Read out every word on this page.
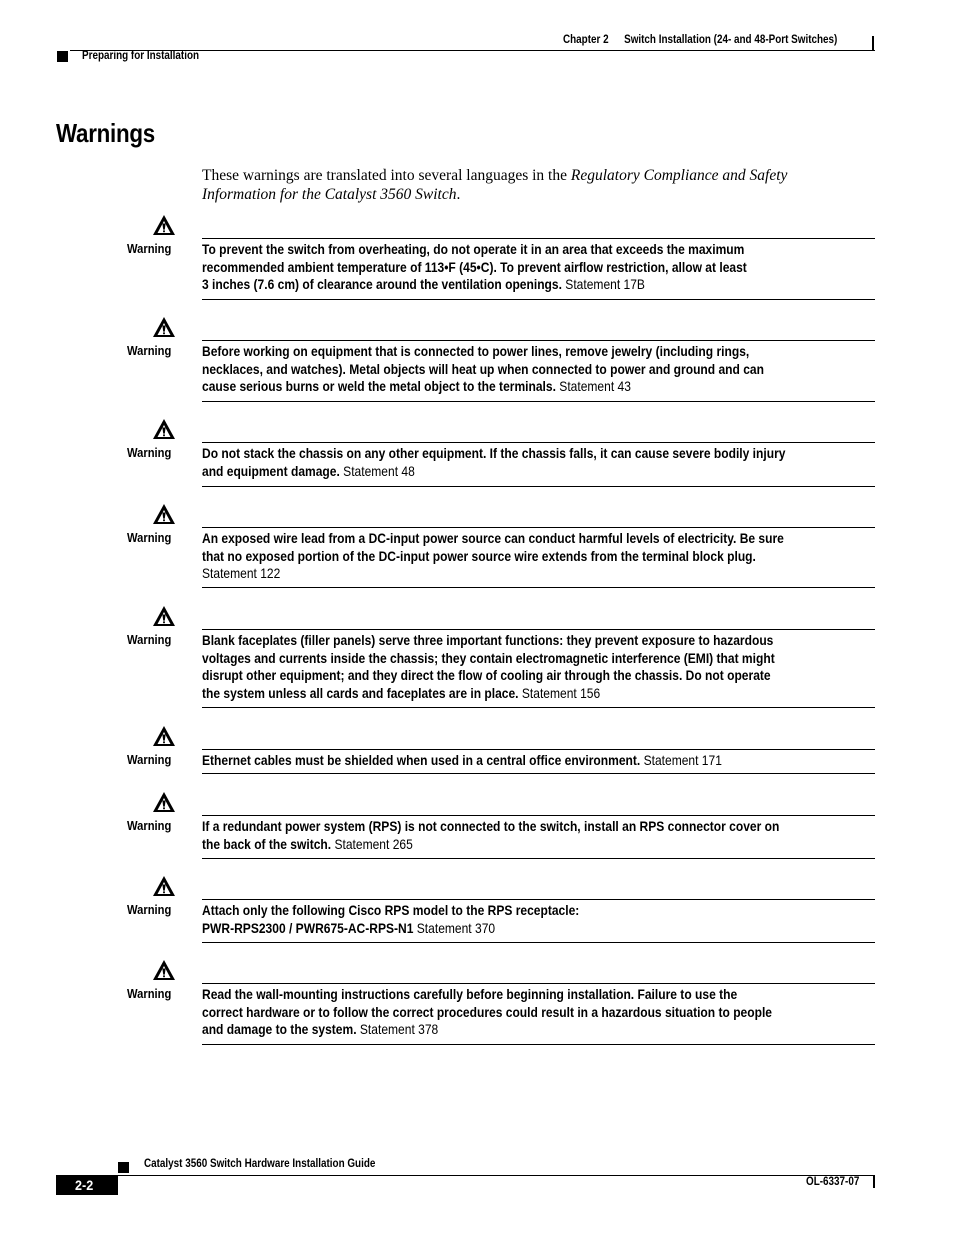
Chapter 2 Switch Installation (24- and 48-Port Switches)
Preparing for Installation
Warnings
These warnings are translated into several languages in the Regulatory Compliance and Safety
Information for the Catalyst 3560 Switch.
Warning To prevent the switch from overheating, do not operate it in an area that exceeds the maximum
recommended ambient temperature of 113•F (45•C). To prevent airflow restriction, allow at least
3 inches (7.6 cm) of clearance around the ventilation openings. Statement 17B
Warning Before working on equipment that is connected to power lines, remove jewelry (including rings,
necklaces, and watches). Metal objects will heat up when connected to power and ground and can
cause serious burns or weld the metal object to the terminals. Statement 43
Warning Do not stack the chassis on any other equipment. If the chassis falls, it can cause severe bodily injury
and equipment damage. Statement 48
Warning An exposed wire lead from a DC-input power source can conduct harmful levels of electricity. Be sure
that no exposed portion of the DC-input power source wire extends from the terminal block plug.
Statement 122
Warning Blank faceplates (filler panels) serve three important functions: they prevent exposure to hazardous
voltages and currents inside the chassis; they contain electromagnetic interference (EMI) that might
disrupt other equipment; and they direct the flow of cooling air through the chassis. Do not operate
the system unless all cards and faceplates are in place. Statement 156
Warning Ethernet cables must be shielded when used in a central office environment. Statement 171
Warning If a redundant power system (RPS) is not connected to the switch, install an RPS connector cover on
the back of the switch. Statement 265
Warning Attach only the following Cisco RPS model to the RPS receptacle:
PWR-RPS2300 / PWR675-AC-RPS-N1 Statement 370
Warning Read the wall-mounting instructions carefully before beginning installation. Failure to use the
correct hardware or to follow the correct procedures could result in a hazardous situation to people
and damage to the system. Statement 378
Catalyst 3560 Switch Hardware Installation Guide
2-2	OL-6337-07
